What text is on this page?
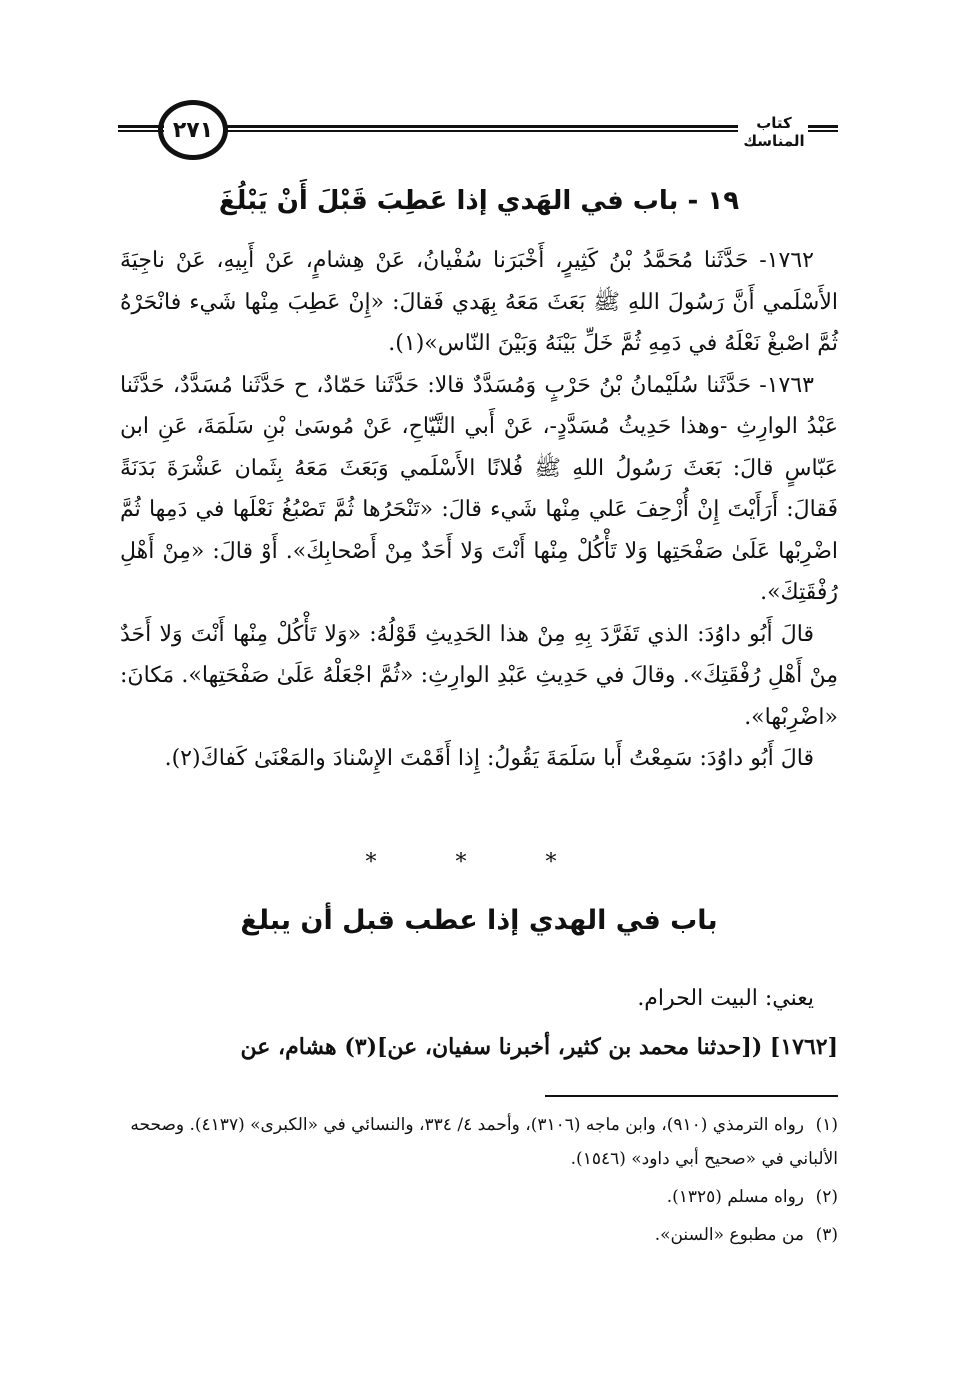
٢٧١	كتاب المناسك
١٩ - باب في الهَدي إذا عَطِبَ قَبْلَ أَنْ يَبْلُغَ

١٧٦٢- حَدَّثَنا مُحَمَّدُ بْنُ كَثِيرٍ، أَخْبَرَنا سُفْيانُ، عَنْ هِشامٍ، عَنْ أَبِيهِ، عَنْ ناجِيَةَ الأَسْلَمي أَنَّ رَسُولَ اللهِ ﷺ بَعَثَ مَعَهُ بِهَدي فَقالَ: «إِنْ عَطِبَ مِنْها شَيء فانْحَرْهُ ثُمَّ اصْبغْ نَعْلَهُ في دَمِهِ ثُمَّ خَلِّ بَيْنَهُ وَبَيْنَ النّاس»(١).

١٧٦٣- حَدَّثَنا سُلَيْمانُ بْنُ حَرْبٍ وَمُسَدَّدٌ قالا: حَدَّثَنا حَمّادٌ، ح حَدَّثَنا مُسَدَّدٌ، حَدَّثَنا عَبْدُ الوارِثِ -وهذا حَدِيثُ مُسَدَّدٍ-، عَنْ أَبي التَّيّاحِ، عَنْ مُوسَىٰ بْنِ سَلَمَةَ، عَنِ ابن عَبّاسٍ قالَ: بَعَثَ رَسُولُ اللهِ ﷺ فُلانًا الأَسْلَمي وَبَعَثَ مَعَهُ بِثَمان عَشْرَةَ بَدَنَةً فَقالَ: أَرَأَيْتَ إِنْ أُزْحِفَ عَلي مِنْها شَيء قالَ: «تَنْحَرُها ثُمَّ تَصْبُغُ نَعْلَها في دَمِها ثُمَّ اضْرِبْها عَلَىٰ صَفْحَتِها وَلا تَأْكُلْ مِنْها أَنْتَ وَلا أَحَدٌ مِنْ أَصْحابِكَ». أَوْ قالَ: «مِنْ أَهْلِ رُفْقَتِكَ».

قالَ أَبُو داوُدَ: الذي تَفَرَّدَ بِهِ مِنْ هذا الحَدِيثِ قَوْلُهُ: «وَلا تَأْكُلْ مِنْها أَنْتَ وَلا أَحَدٌ مِنْ أَهْلِ رُفْقَتِكَ». وقالَ في حَدِيثِ عَبْدِ الوارِثِ: «ثُمَّ اجْعَلْهُ عَلَىٰ صَفْحَتِها». مَكانَ: «اضْرِبْها».

قالَ أَبُو داوُدَ: سَمِعْتُ أَبا سَلَمَةَ يَقُولُ: إِذا أَقَمْتَ الإِسْنادَ والمَعْنَىٰ كَفاكَ(٢).

* * *
باب في الهدي إذا عطب قبل أن يبلغ

يعني: البيت الحرام.

[١٧٦٢] ([حدثنا محمد بن كثير، أخبرنا سفيان، عن](٣) هشام، عن

(١)رواه الترمذي (٩١٠)، وابن ماجه (٣١٠٦)، وأحمد ٤/ ٣٣٤، والنسائي في «الكبرى» (٤١٣٧). وصححه الألباني في «صحيح أبي داود» (١٥٤٦).

(٢)رواه مسلم (١٣٢٥).

(٣)من مطبوع «السنن».
